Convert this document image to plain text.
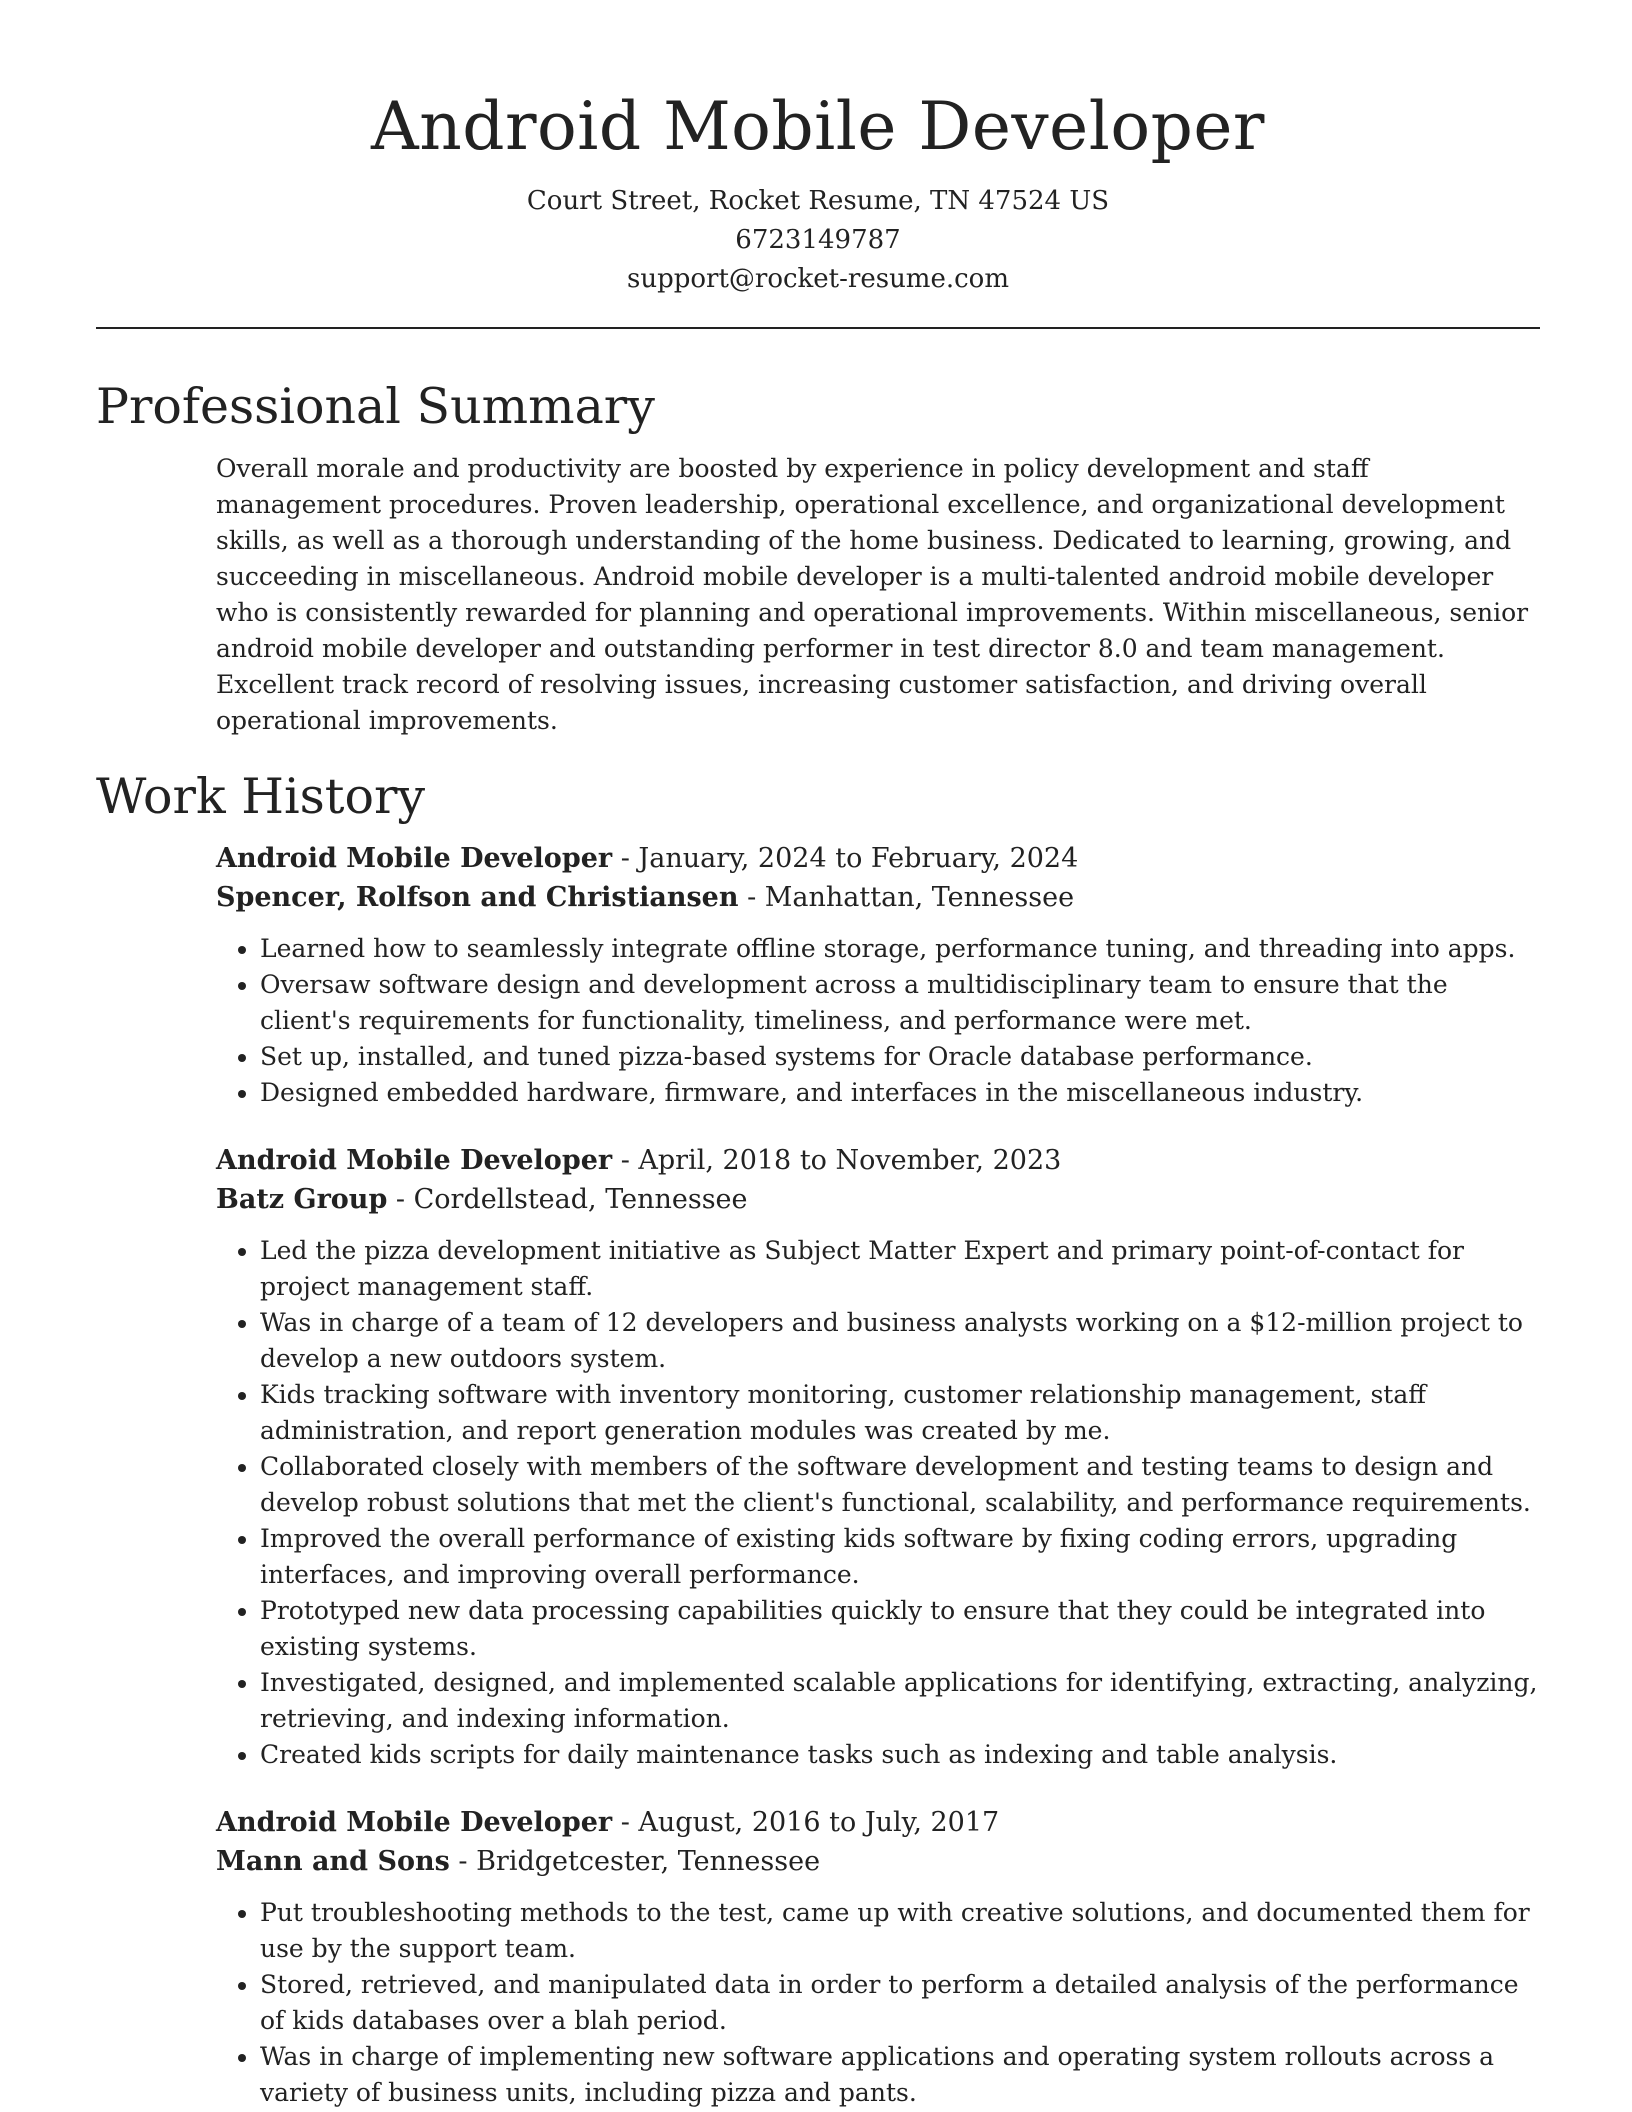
Android Mobile Developer
Court Street, Rocket Resume, TN 47524 US
6723149787
support@rocket-resume.com
Professional Summary

Overall morale and productivity are boosted by experience in policy development and staff management procedures. Proven leadership, operational excellence, and organizational development skills, as well as a thorough understanding of the home business. Dedicated to learning, growing, and succeeding in miscellaneous. Android mobile developer is a multi-talented android mobile developer who is consistently rewarded for planning and operational improvements. Within miscellaneous, senior android mobile developer and outstanding performer in test director 8.0 and team management. Excellent track record of resolving issues, increasing customer satisfaction, and driving overall operational improvements.

Work History
Android Mobile Developer - January, 2024 to February, 2024
Spencer, Rolfson and Christiansen - Manhattan, Tennessee
• Learned how to seamlessly integrate offline storage, performance tuning, and threading into apps.
• Oversaw software design and development across a multidisciplinary team to ensure that the client's requirements for functionality, timeliness, and performance were met.
• Set up, installed, and tuned pizza-based systems for Oracle database performance.
• Designed embedded hardware, firmware, and interfaces in the miscellaneous industry.
Android Mobile Developer - April, 2018 to November, 2023
Batz Group - Cordellstead, Tennessee
• Led the pizza development initiative as Subject Matter Expert and primary point-of-contact for project management staff.
• Was in charge of a team of 12 developers and business analysts working on a $12-million project to develop a new outdoors system.
• Kids tracking software with inventory monitoring, customer relationship management, staff administration, and report generation modules was created by me.
• Collaborated closely with members of the software development and testing teams to design and develop robust solutions that met the client's functional, scalability, and performance requirements.
• Improved the overall performance of existing kids software by fixing coding errors, upgrading interfaces, and improving overall performance.
• Prototyped new data processing capabilities quickly to ensure that they could be integrated into existing systems.
• Investigated, designed, and implemented scalable applications for identifying, extracting, analyzing, retrieving, and indexing information.
• Created kids scripts for daily maintenance tasks such as indexing and table analysis.
Android Mobile Developer - August, 2016 to July, 2017
Mann and Sons - Bridgetcester, Tennessee
• Put troubleshooting methods to the test, came up with creative solutions, and documented them for use by the support team.
• Stored, retrieved, and manipulated data in order to perform a detailed analysis of the performance of kids databases over a blah period.
• Was in charge of implementing new software applications and operating system rollouts across a variety of business units, including pizza and pants.
